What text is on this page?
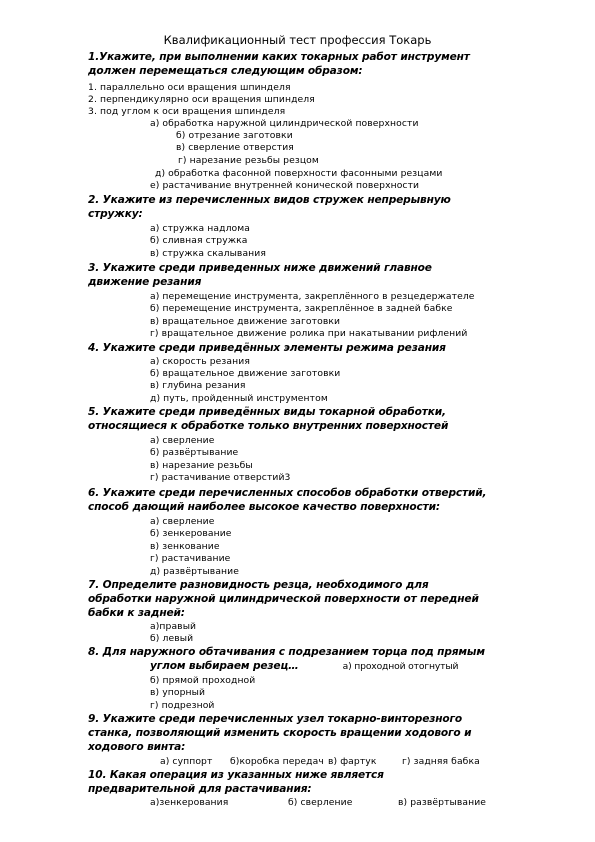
Квалификационный тест профессия Токарь
1.Укажите, при выполнении каких токарных работ инструмент
должен перемещаться следующим образом:
1. параллельно оси вращения шпинделя
2. перпендикулярно оси вращения шпинделя
3. под углом к оси вращения шпинделя
а) обработка наружной цилиндрической поверхности
б) отрезание заготовки
в) сверление отверстия
г) нарезание резьбы резцом
д) обработка фасонной поверхности фасонными резцами
е) растачивание внутренней конической поверхности
2. Укажите из перечисленных видов стружек непрерывную
стружку:
а) стружка надлома
б) сливная стружка
в) стружка скалывания
3. Укажите среди приведенных ниже движений главное
движение резания
а) перемещение инструмента, закреплённого в резцедержателе
б) перемещение инструмента, закреплённое в задней бабке
в) вращательное движение заготовки
г) вращательное движение ролика при накатывании рифлений
4. Укажите среди приведённых элементы режима резания
а) скорость резания
б) вращательное движение заготовки
в) глубина резания
д) путь, пройденный инструментом
5. Укажите среди приведённых виды токарной обработки,
относящиеся к обработке только внутренних поверхностей
а) сверление
б) развёртывание
в) нарезание резьбы
г) растачивание отверстий3
6. Укажите среди перечисленных способов обработки отверстий,
способ дающий наиболее высокое качество поверхности:
а) сверление
б) зенкерование
в) зенкование
г) растачивание
д) развёртывание
7. Определите разновидность резца, необходимого для
обработки наружной цилиндрической поверхности от передней
бабки к задней:
а)правый
б) левый
8. Для наружного обтачивания с подрезанием торца под прямым
углом выбираем резец…	а) проходной отогнутый
б) прямой проходной
в) упорный
г) подрезной
9. Укажите среди перечисленных узел токарно-винторезного
станка, позволяющий изменить скорость вращении ходового и
ходового винта:
а) суппорт б)коробка передач в) фартук	г) задняя бабка
10. Какая операция из указанных ниже является
предварительной для растачивания:
а)зенкерования	б) сверление	в) развёртывание
